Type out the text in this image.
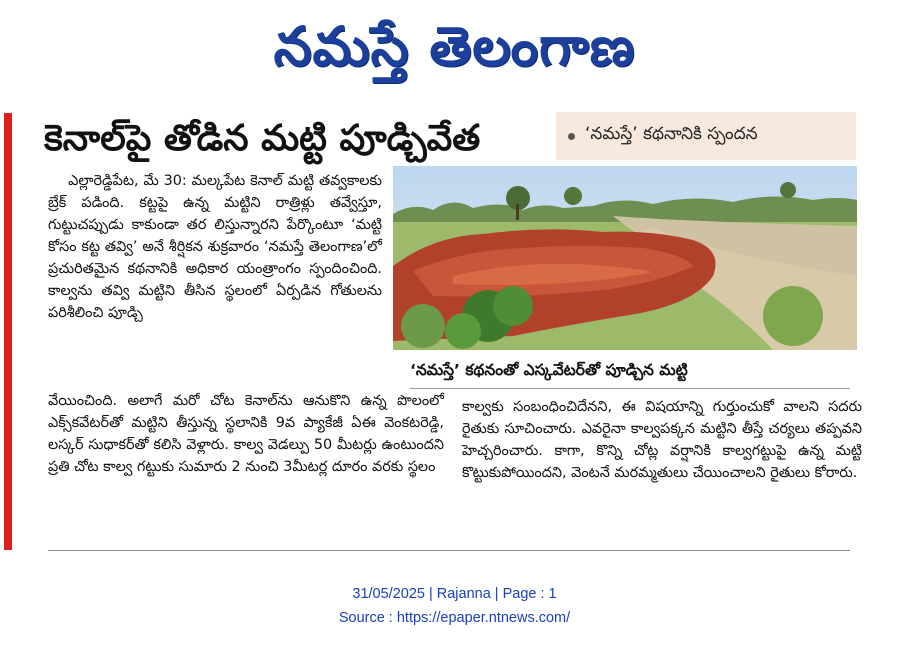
నమస్తే తెలంగాణ
కెనాల్‌పై తోడిన మట్టి పూడ్చివేత	‘నమస్తే’ కథనానికి స్పందన
‘నమస్తే’ కథనంతో ఎస్కవేటర్‌తో పూడ్చిన మట్టి
ఎల్లారెడ్డిపేట, మే 30: మల్కపేట కెనాల్ మట్టి తవ్వకాలకు బ్రేక్ పడింది. కట్టపై ఉన్న మట్టిని రాత్రిళ్లు తవ్వేస్తూ, గుట్టుచప్పుడు కాకుండా తర లిస్తున్నారని పేర్కొంటూ ‘మట్టి కోసం కట్ట తవ్వి’ అనే శీర్షికన శుక్రవారం ‘నమస్తే తెలంగాణ’లో ప్రచురితమైన కథనానికి అధికార యంత్రాంగం స్పందించింది. కాల్వను తవ్వి మట్టిని తీసిన స్థలంలో ఏర్పడిన గోతులను పరిశీలించి పూడ్చి
వేయించింది. అలాగే మరో చోట కెనాల్‌ను ఆనుకొని ఉన్న పొలంలో ఎక్స్‌కవేటర్‌తో మట్టిని తీస్తున్న స్థలానికి 9వ ప్యాకేజీ ఏఈ వెంకటరెడ్డి, లస్కర్ సుధాకర్‌తో కలిసి వెళ్లారు. కాల్వ వెడల్పు 50 మీటర్లు ఉంటుందని ప్రతి చోట కాల్వ గట్టుకు సుమారు 2 నుంచి 3మీటర్ల దూరం వరకు స్థలం
కాల్వకు సంబంధించిదేనని, ఈ విషయాన్ని గుర్తుంచుకో వాలని సదరు రైతుకు సూచించారు. ఎవరైనా కాల్వపక్కన మట్టిని తీస్తే చర్యలు తప్పవని హెచ్చరించారు. కాగా, కొన్ని చోట్ల వర్షానికి కాల్వగట్టుపై ఉన్న మట్టి కొట్టుకుపోయిందని, వెంటనే మరమ్మతులు చేయించాలని రైతులు కోరారు.
31/05/2025 | Rajanna | Page : 1
Source : https://epaper.ntnews.com/
